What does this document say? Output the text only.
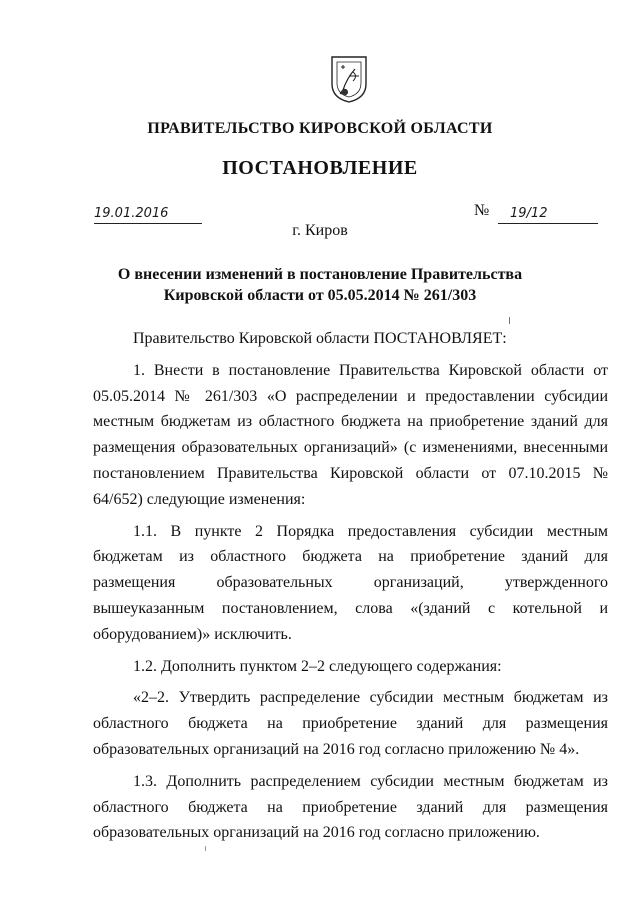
ПРАВИТЕЛЬСТВО КИРОВСКОЙ ОБЛАСТИ
ПОСТАНОВЛЕНИЕ
19.01.2016	№ 19/12
г. Киров
О внесении изменений в постановление Правительства
Кировской области от 05.05.2014 № 261/303

Правительство Кировской области ПОСТАНОВЛЯЕТ:

1. Внести в постановление Правительства Кировской области от 05.05.2014 № 261/303 «О распределении и предоставлении субсидии местным бюджетам из областного бюджета на приобретение зданий для размещения образовательных организаций» (с изменениями, внесенными постановлением Правительства Кировской области от 07.10.2015 № 64/652) следующие изменения:

1.1. В пункте 2 Порядка предоставления субсидии местным бюджетам из областного бюджета на приобретение зданий для размещения образовательных организаций, утвержденного вышеуказанным постановлением, слова «(зданий с котельной и оборудованием)» исключить.

1.2. Дополнить пунктом 2–2 следующего содержания:

«2–2. Утвердить распределение субсидии местным бюджетам из областного бюджета на приобретение зданий для размещения образовательных организаций на 2016 год согласно приложению № 4».

1.3. Дополнить распределением субсидии местным бюджетам из областного бюджета на приобретение зданий для размещения образовательных организаций на 2016 год согласно приложению.
